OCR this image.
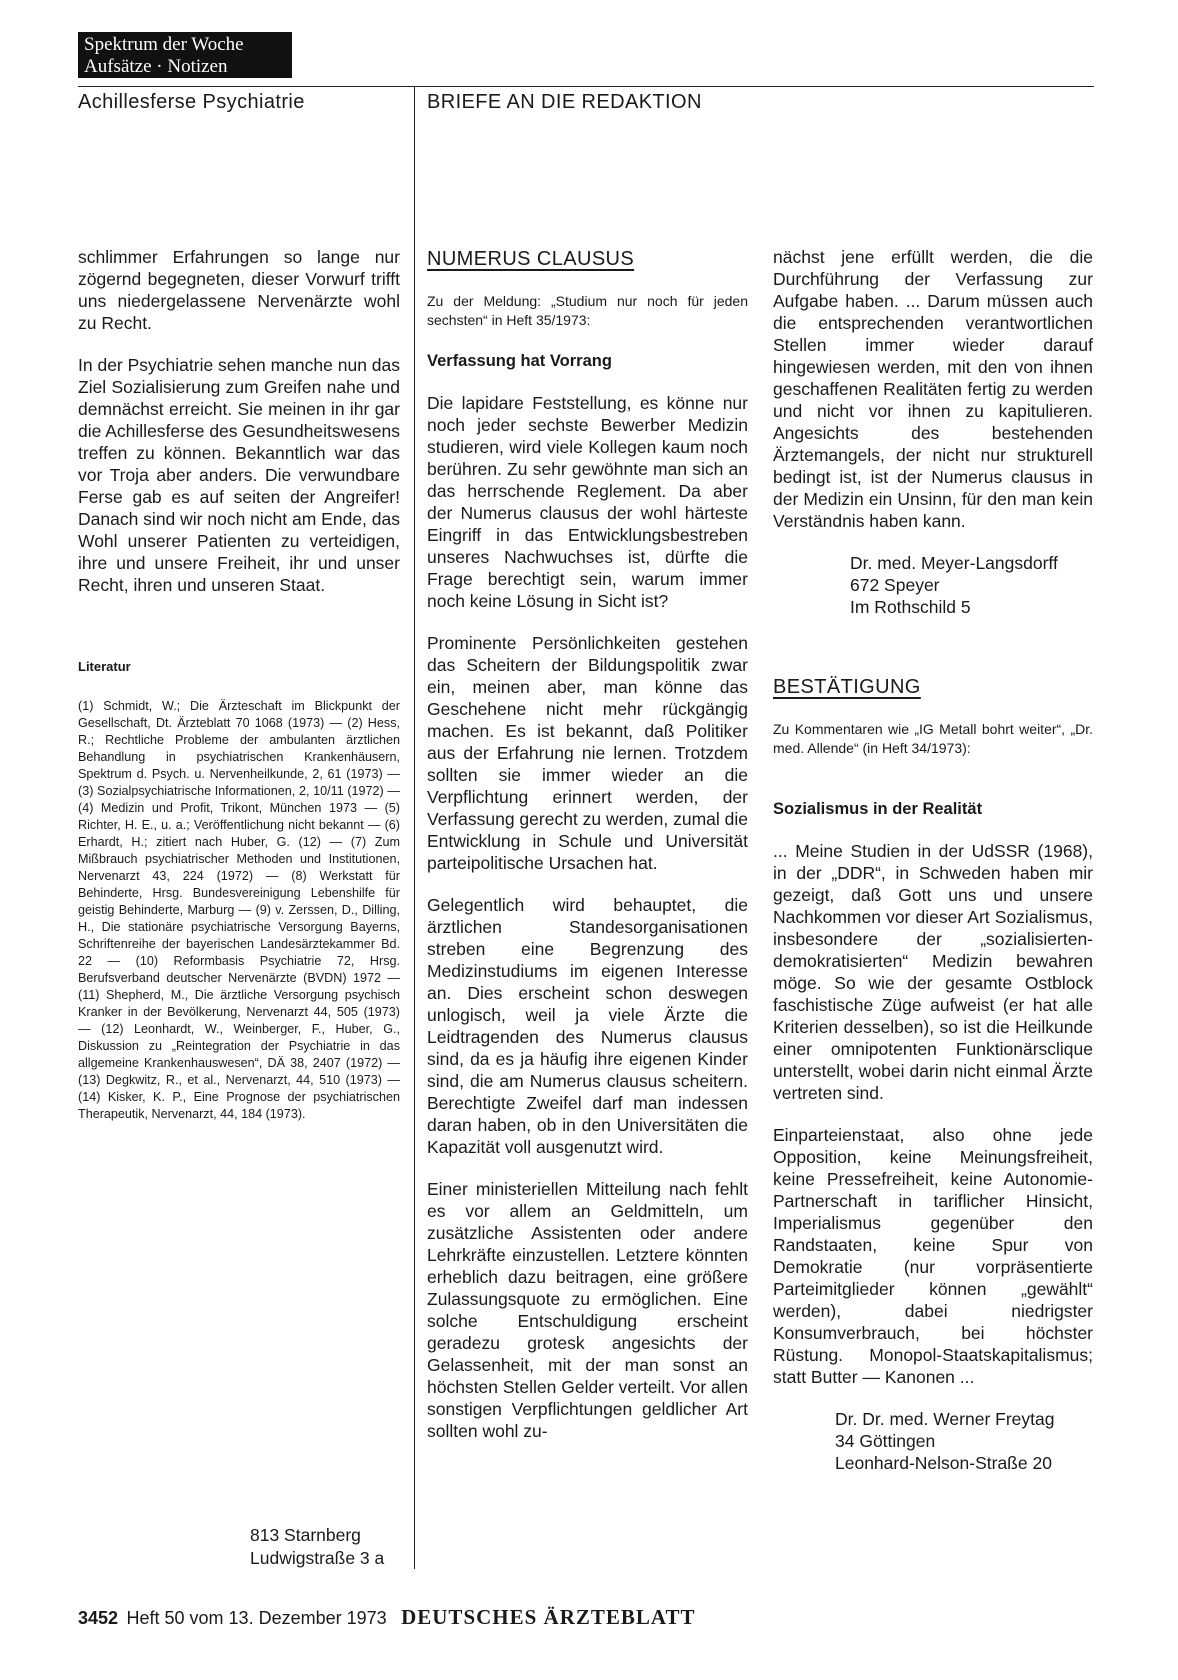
Spektrum der Woche
Aufsätze · Notizen
Achillesferse Psychiatrie	BRIEFE AN DIE REDAKTION

schlimmer Erfahrungen so lange nur zögernd begegneten, dieser Vorwurf trifft uns niedergelassene Nervenärzte wohl zu Recht.

In der Psychiatrie sehen manche nun das Ziel Sozialisierung zum Greifen nahe und demnächst erreicht. Sie meinen in ihr gar die Achillesferse des Gesundheitswesens treffen zu können. Bekanntlich war das vor Troja aber anders. Die verwundbare Ferse gab es auf seiten der Angreifer! Danach sind wir noch nicht am Ende, das Wohl unserer Patienten zu verteidigen, ihre und unsere Freiheit, ihr und unser Recht, ihren und unseren Staat.

Literatur

(1) Schmidt, W.; Die Ärzteschaft im Blickpunkt der Gesellschaft, Dt. Ärzteblatt 70 1068 (1973) — (2) Hess, R.; Rechtliche Probleme der ambulanten ärztlichen Behandlung in psychiatrischen Krankenhäusern, Spektrum d. Psych. u. Nervenheilkunde, 2, 61 (1973) — (3) Sozialpsychiatrische Informationen, 2, 10/11 (1972) — (4) Medizin und Profit, Trikont, München 1973 — (5) Richter, H. E., u. a.; Veröffentlichung nicht bekannt — (6) Erhardt, H.; zitiert nach Huber, G. (12) — (7) Zum Mißbrauch psychiatrischer Methoden und Institutionen, Nervenarzt 43, 224 (1972) — (8) Werkstatt für Behinderte, Hrsg. Bundesvereinigung Lebenshilfe für geistig Behinderte, Marburg — (9) v. Zerssen, D., Dilling, H., Die stationäre psychiatrische Versorgung Bayerns, Schriftenreihe der bayerischen Landesärztekammer Bd. 22 — (10) Reformbasis Psychiatrie 72, Hrsg. Berufsverband deutscher Nervenärzte (BVDN) 1972 — (11) Shepherd, M., Die ärztliche Versorgung psychisch Kranker in der Bevölkerung, Nervenarzt 44, 505 (1973) — (12) Leonhardt, W., Weinberger, F., Huber, G., Diskussion zu „Reintegration der Psychiatrie in das allgemeine Krankenhauswesen“, DÄ 38, 2407 (1972) — (13) Degkwitz, R., et al., Nervenarzt, 44, 510 (1973) — (14) Kisker, K. P., Eine Prognose der psychiatrischen Therapeutik, Nervenarzt, 44, 184 (1973).

813 Starnberg
Ludwigstraße 3 a

NUMERUS CLAUSUS

Zu der Meldung: „Studium nur noch für jeden sechsten“ in Heft 35/1973:

Verfassung hat Vorrang

Die lapidare Feststellung, es könne nur noch jeder sechste Bewerber Medizin studieren, wird viele Kollegen kaum noch berühren. Zu sehr gewöhnte man sich an das herrschende Reglement. Da aber der Numerus clausus der wohl härteste Eingriff in das Entwicklungsbestreben unseres Nachwuchses ist, dürfte die Frage berechtigt sein, warum immer noch keine Lösung in Sicht ist?

Prominente Persönlichkeiten gestehen das Scheitern der Bildungspolitik zwar ein, meinen aber, man könne das Geschehene nicht mehr rückgängig machen. Es ist bekannt, daß Politiker aus der Erfahrung nie lernen. Trotzdem sollten sie immer wieder an die Verpflichtung erinnert werden, der Verfassung gerecht zu werden, zumal die Entwicklung in Schule und Universität parteipolitische Ursachen hat.

Gelegentlich wird behauptet, die ärztlichen Standesorganisationen streben eine Begrenzung des Medizinstudiums im eigenen Interesse an. Dies erscheint schon deswegen unlogisch, weil ja viele Ärzte die Leidtragenden des Numerus clausus sind, da es ja häufig ihre eigenen Kinder sind, die am Numerus clausus scheitern. Berechtigte Zweifel darf man indessen daran haben, ob in den Universitäten die Kapazität voll ausgenutzt wird.

Einer ministeriellen Mitteilung nach fehlt es vor allem an Geldmitteln, um zusätzliche Assistenten oder andere Lehrkräfte einzustellen. Letztere könnten erheblich dazu beitragen, eine größere Zulassungsquote zu ermöglichen. Eine solche Entschuldigung erscheint geradezu grotesk angesichts der Gelassenheit, mit der man sonst an höchsten Stellen Gelder verteilt. Vor allen sonstigen Verpflichtungen geldlicher Art sollten wohl zu-

nächst jene erfüllt werden, die die Durchführung der Verfassung zur Aufgabe haben. ... Darum müssen auch die entsprechenden verantwortlichen Stellen immer wieder darauf hingewiesen werden, mit den von ihnen geschaffenen Realitäten fertig zu werden und nicht vor ihnen zu kapitulieren. Angesichts des bestehenden Ärztemangels, der nicht nur strukturell bedingt ist, ist der Numerus clausus in der Medizin ein Unsinn, für den man kein Verständnis haben kann.

Dr. med. Meyer-Langsdorff
672 Speyer
Im Rothschild 5

BESTÄTIGUNG

Zu Kommentaren wie „IG Metall bohrt weiter“, „Dr. med. Allende“ (in Heft 34/1973):

Sozialismus in der Realität

... Meine Studien in der UdSSR (1968), in der „DDR“, in Schweden haben mir gezeigt, daß Gott uns und unsere Nachkommen vor dieser Art Sozialismus, insbesondere der „sozialisierten-demokratisierten“ Medizin bewahren möge. So wie der gesamte Ostblock faschistische Züge aufweist (er hat alle Kriterien desselben), so ist die Heilkunde einer omnipotenten Funktionärsclique unterstellt, wobei darin nicht einmal Ärzte vertreten sind.

Einparteienstaat, also ohne jede Opposition, keine Meinungsfreiheit, keine Pressefreiheit, keine Autonomie-Partnerschaft in tariflicher Hinsicht, Imperialismus gegenüber den Randstaaten, keine Spur von Demokratie (nur vorpräsentierte Parteimitglieder können „gewählt“ werden), dabei niedrigster Konsumverbrauch, bei höchster Rüstung. Monopol-Staatskapitalismus; statt Butter — Kanonen ...

Dr. Dr. med. Werner Freytag
34 Göttingen
Leonhard-Nelson-Straße 20
3452 Heft 50 vom 13. Dezember 1973 DEUTSCHES ÄRZTEBLATT
